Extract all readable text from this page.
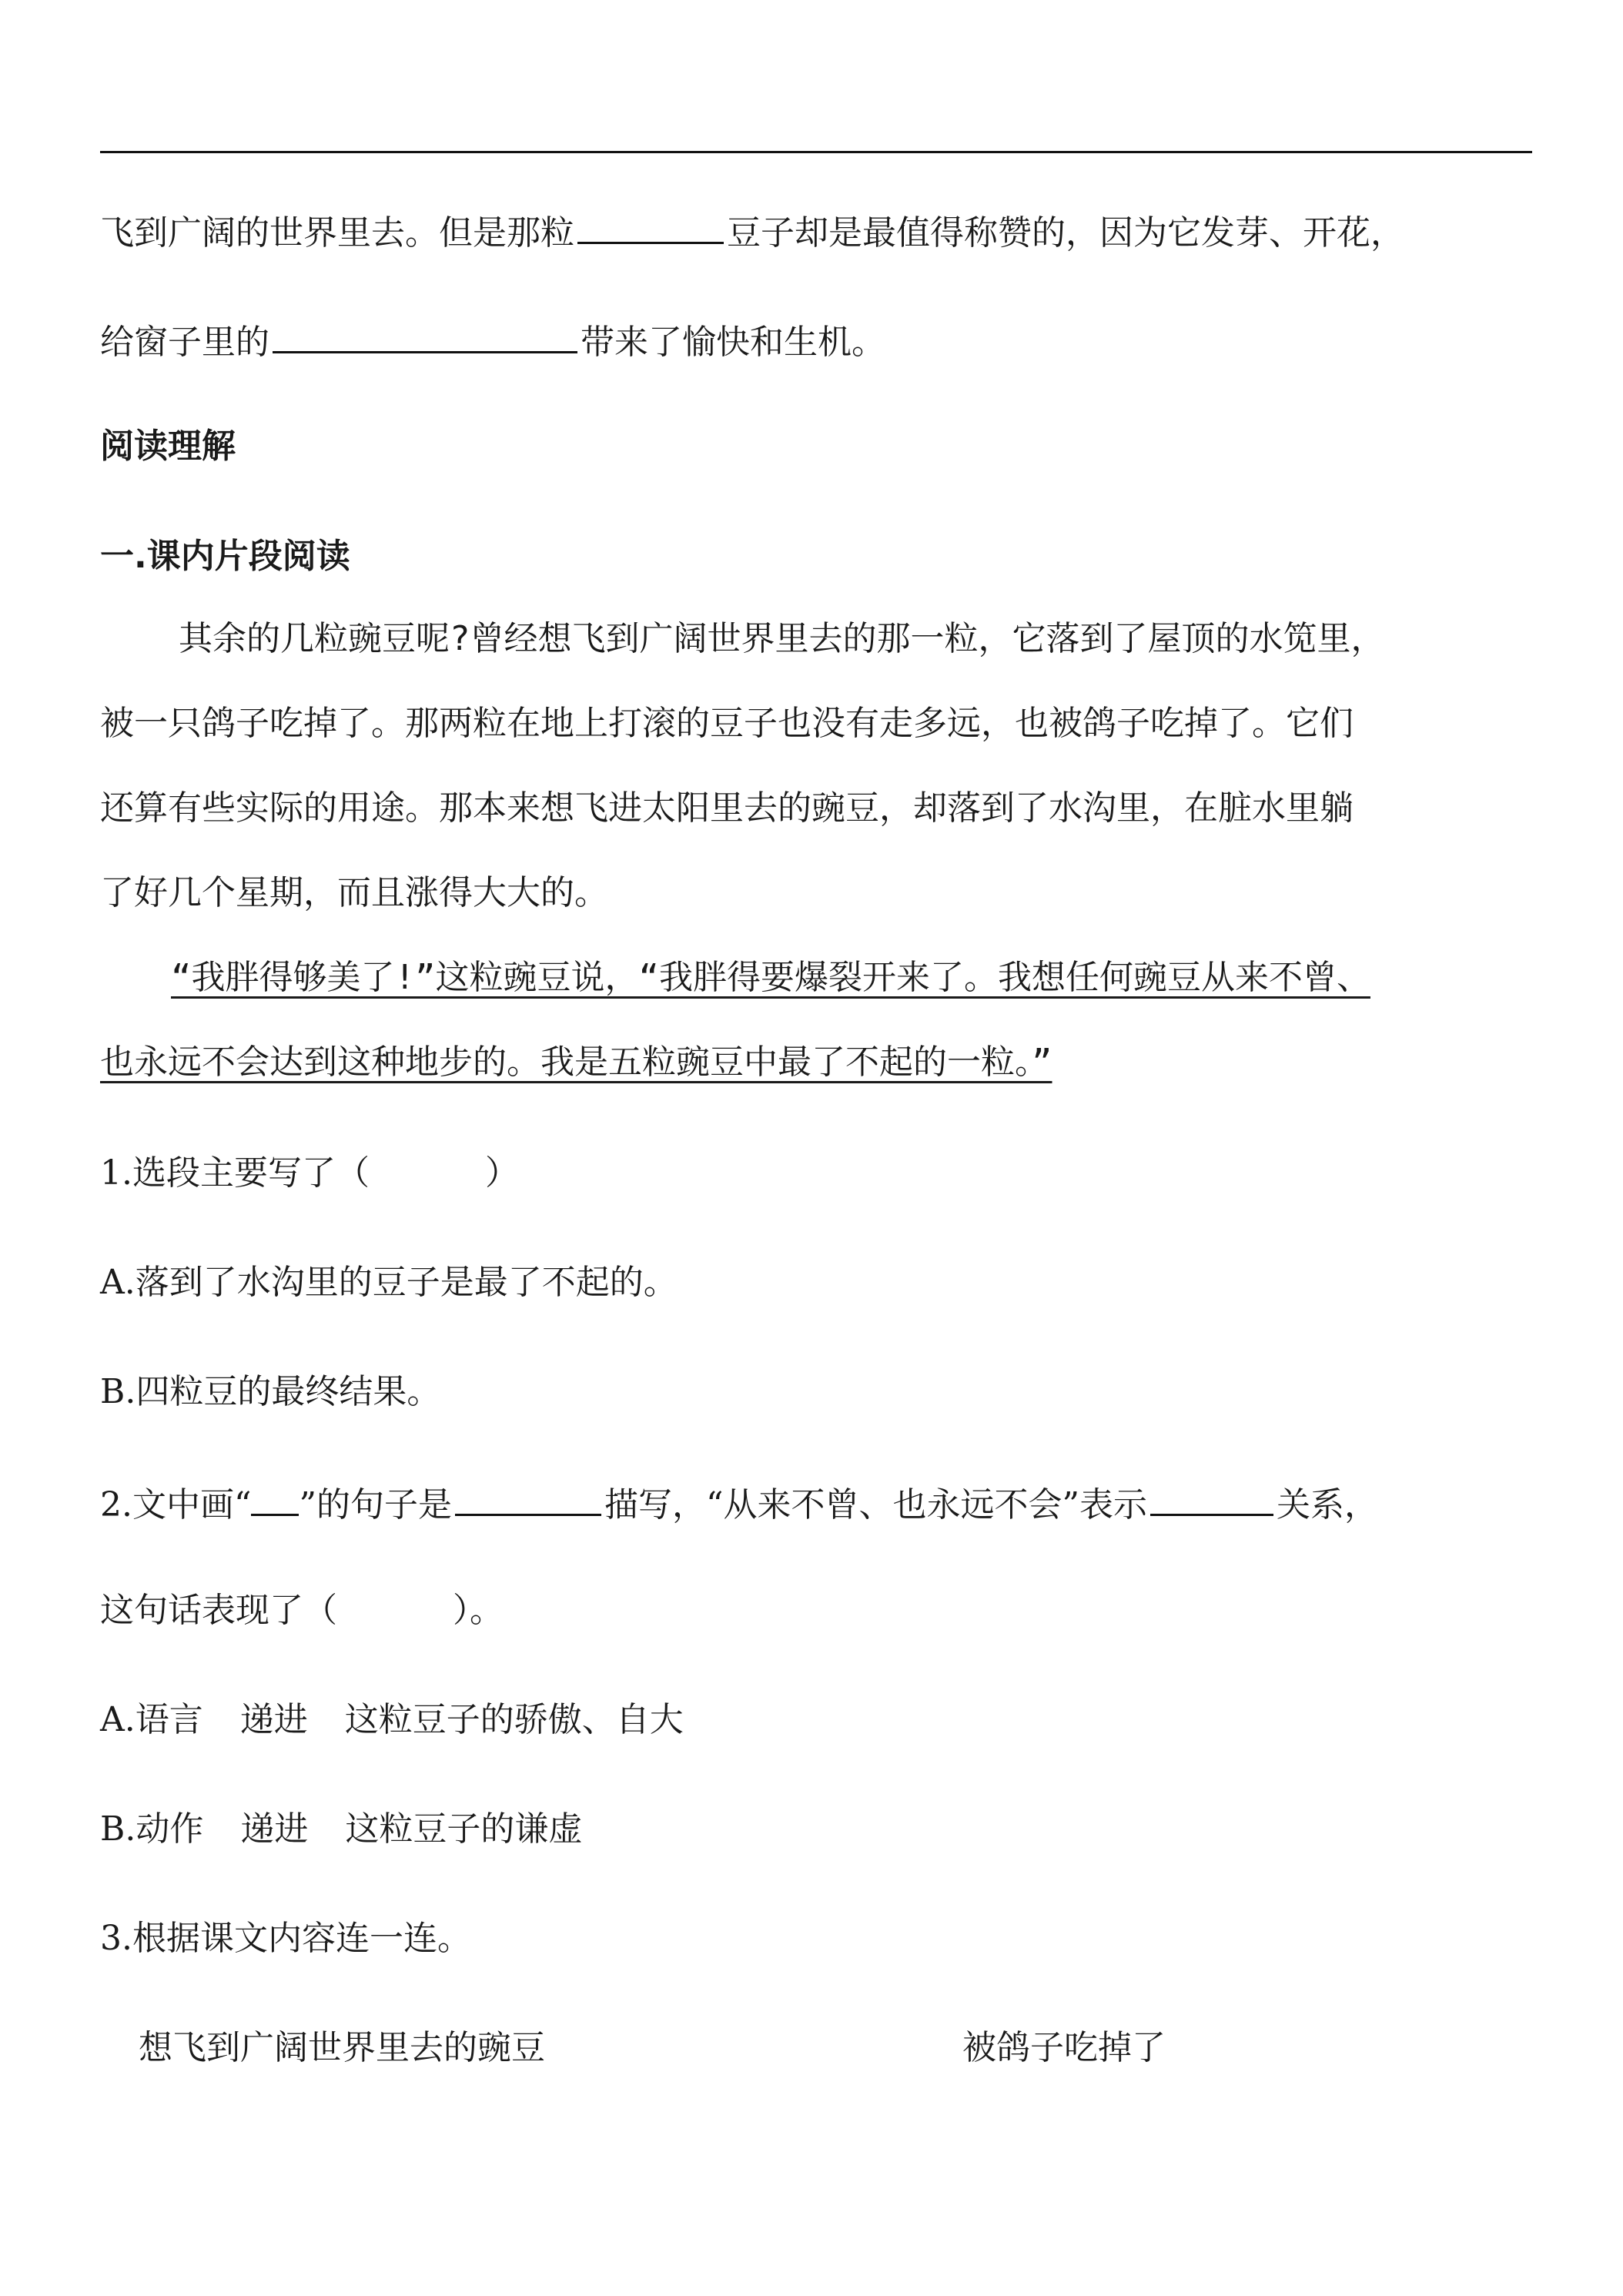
飞到广阔的世界里去。但是那粒	豆子却是最值得称赞的，因为它发芽、开花，
给窗子里的	带来了愉快和生机。
阅读理解
一.课内片段阅读
其余的几粒豌豆呢?曾经想飞到广阔世界里去的那一粒，它落到了屋顶的水笕里，
被一只鸽子吃掉了。那两粒在地上打滚的豆子也没有走多远，也被鸽子吃掉了。它们
还算有些实际的用途。那本来想飞进太阳里去的豌豆，却落到了水沟里，在脏水里躺
了好几个星期，而且涨得大大的。
“我胖得够美了!”这粒豌豆说，“我胖得要爆裂开来了。我想任何豌豆从来不曾、
也永远不会达到这种地步的。我是五粒豌豆中最了不起的一粒。”
1.选段主要写了（	）
A.落到了水沟里的豆子是最了不起的。
B.四粒豆的最终结果。
2.文中画“ ”的句子是	描写，“从来不曾、也永远不会”表示	关系，
这句话表现了（	）。
A.语言 递进 这粒豆子的骄傲、自大
B.动作 递进 这粒豆子的谦虚
3.根据课文内容连一连。
想飞到广阔世界里去的豌豆	被鸽子吃掉了
